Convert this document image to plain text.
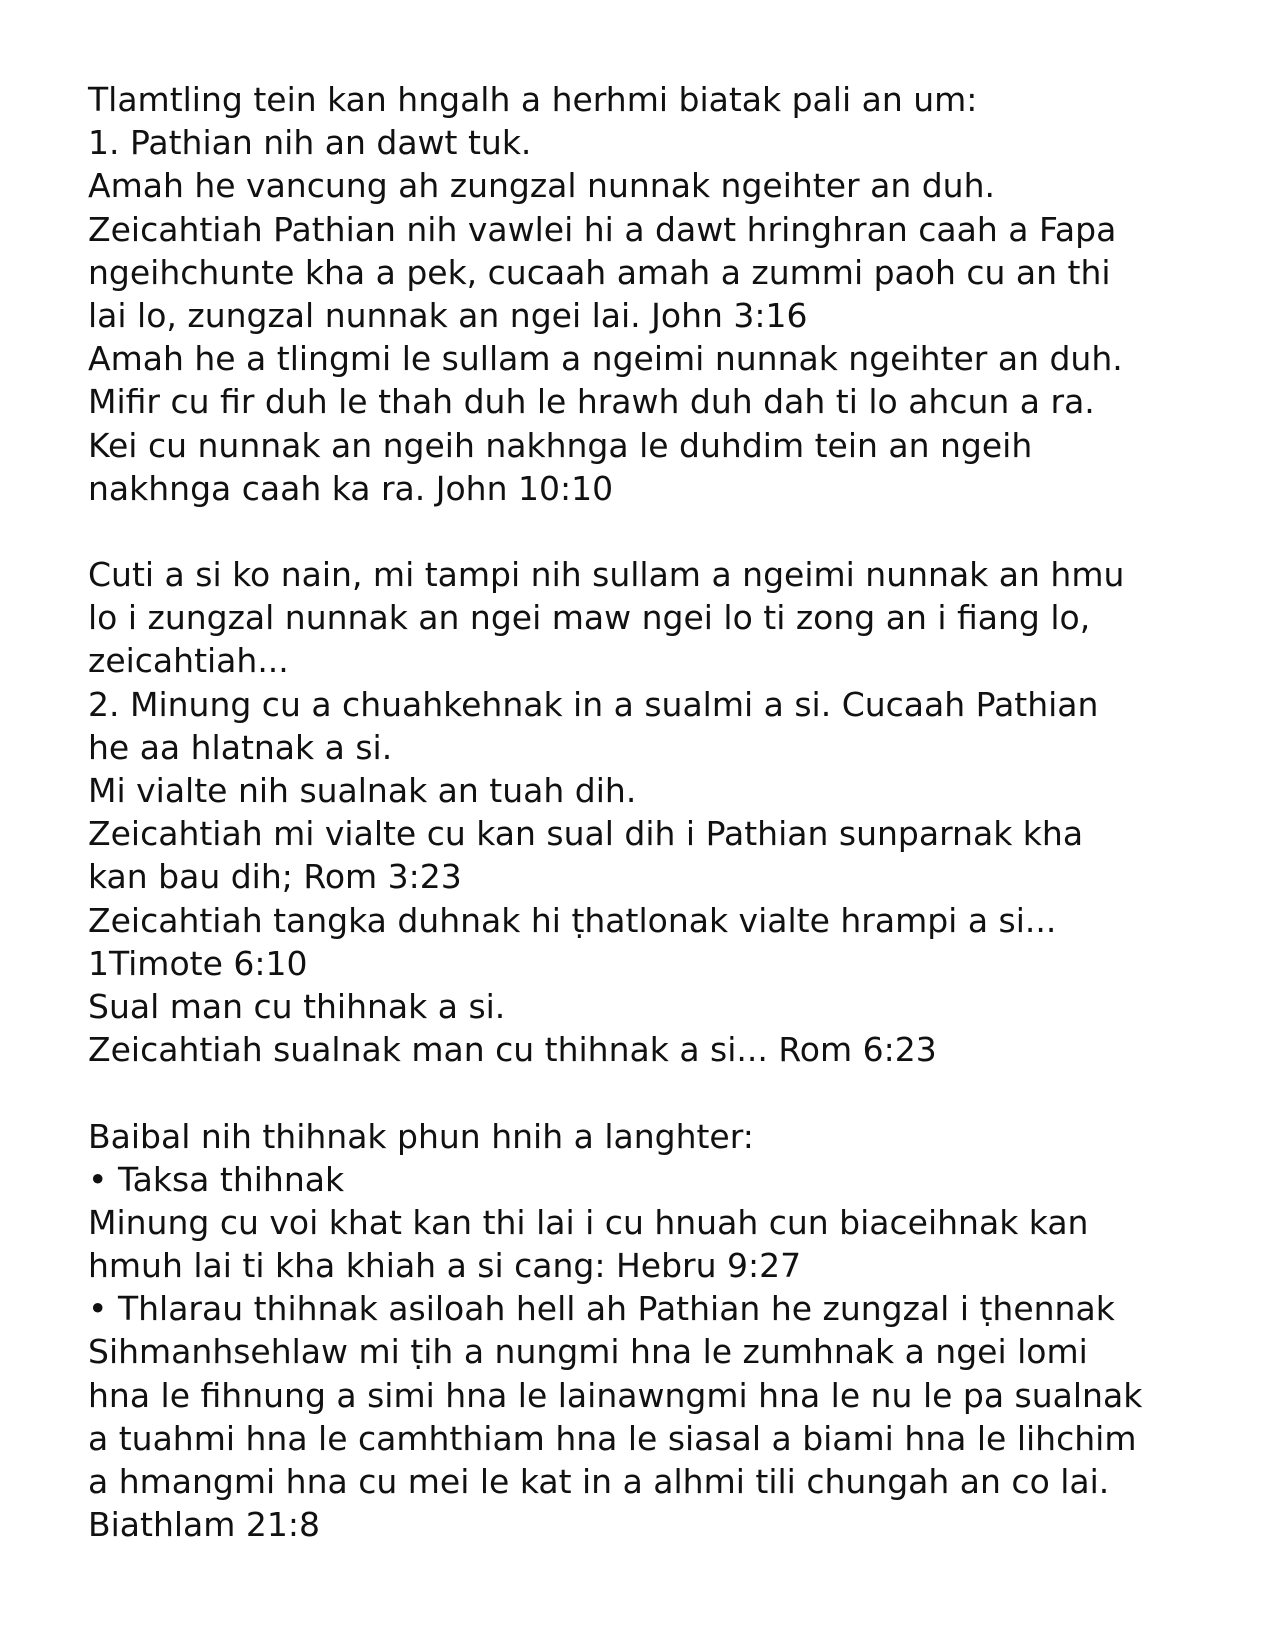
Tlamtling tein kan hngalh a herhmi biatak pali an um:
1. Pathian nih an dawt tuk.
Amah he vancung ah zungzal nunnak ngeihter an duh.
Zeicahtiah Pathian nih vawlei hi a dawt hringhran caah a Fapa
ngeihchunte kha a pek, cucaah amah a zummi paoh cu an thi
lai lo, zungzal nunnak an ngei lai. John 3:16
Amah he a tlingmi le sullam a ngeimi nunnak ngeihter an duh.
Mifir cu fir duh le thah duh le hrawh duh dah ti lo ahcun a ra.
Kei cu nunnak an ngeih nakhnga le duhdim tein an ngeih
nakhnga caah ka ra. John 10:10
Cuti a si ko nain, mi tampi nih sullam a ngeimi nunnak an hmu
lo i zungzal nunnak an ngei maw ngei lo ti zong an i fiang lo,
zeicahtiah...
2. Minung cu a chuahkehnak in a sualmi a si. Cucaah Pathian
he aa hlatnak a si.
Mi vialte nih sualnak an tuah dih.
Zeicahtiah mi vialte cu kan sual dih i Pathian sunparnak kha
kan bau dih; Rom 3:23
Zeicahtiah tangka duhnak hi ṭhatlonak vialte hrampi a si...
1Timote 6:10
Sual man cu thihnak a si.
Zeicahtiah sualnak man cu thihnak a si... Rom 6:23
Baibal nih thihnak phun hnih a langhter:
• Taksa thihnak
Minung cu voi khat kan thi lai i cu hnuah cun biaceihnak kan
hmuh lai ti kha khiah a si cang: Hebru 9:27
• Thlarau thihnak asiloah hell ah Pathian he zungzal i ṭhennak
Sihmanhsehlaw mi ṭih a nungmi hna le zumhnak a ngei lomi
hna le fihnung a simi hna le lainawngmi hna le nu le pa sualnak
a tuahmi hna le camhthiam hna le siasal a biami hna le lihchim
a hmangmi hna cu mei le kat in a alhmi tili chungah an co lai.
Biathlam 21:8
